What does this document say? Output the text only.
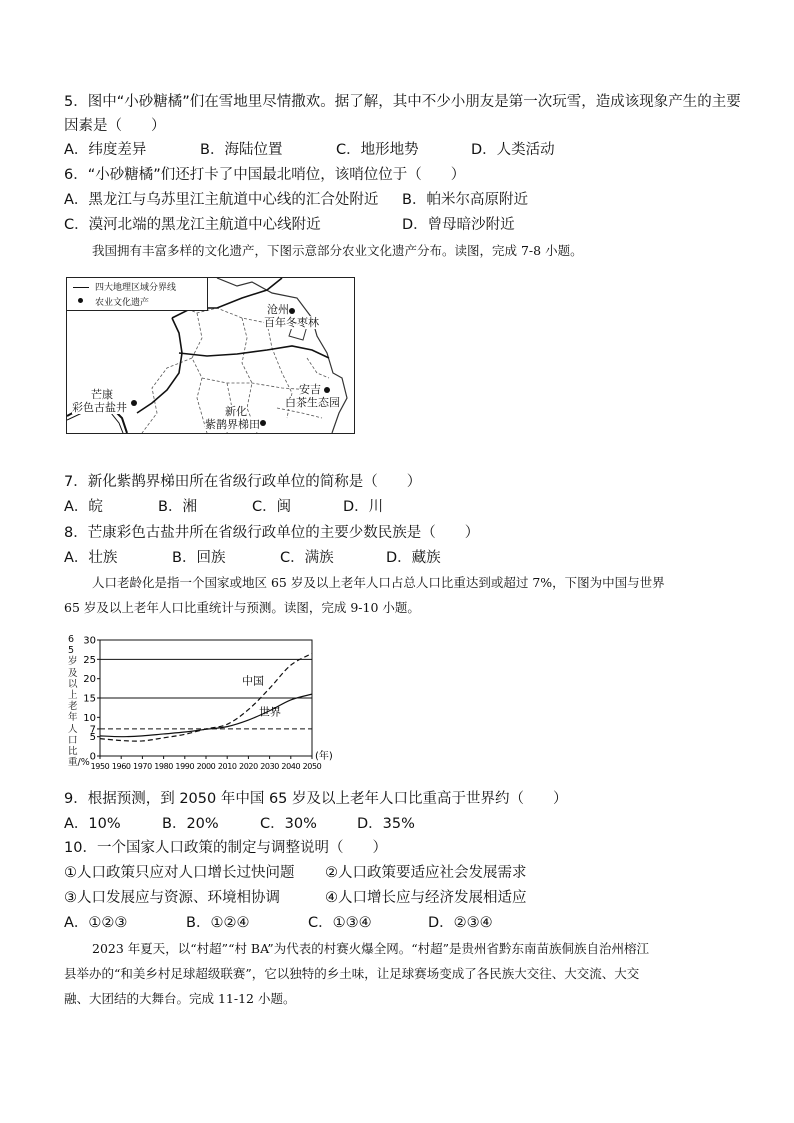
5．图中“小砂糖橘”们在雪地里尽情撒欢。据了解，其中不少小朋友是第一次玩雪，造成该现象产生的主要
因素是（　　）
A．纬度差异	B．海陆位置	C．地形地势	D．人类活动
6．“小砂糖橘”们还打卡了中国最北哨位，该哨位位于（　　）
A．黑龙江与乌苏里江主航道中心线的汇合处附近 B．帕米尔高原附近
C．漠河北端的黑龙江主航道中心线附近	D．曾母暗沙附近
我国拥有丰富多样的文化遗产，下图示意部分农业文化遗产分布。读图，完成 7-8 小题。
四大地理区域分界线
农业文化遗产	沧州
百年冬枣林
安吉
白茶生态园
芒康
彩色古盐井	新化
紫鹊界梯田
7．新化紫鹊界梯田所在省级行政单位的简称是（　　）
A．皖	B．湘	C．闽	D．川
8．芒康彩色古盐井所在省级行政单位的主要少数民族是（　　）
A．壮族	B．回族	C．满族	D．藏族
人口老龄化是指一个国家或地区 65 岁及以上老年人口占总人口比重达到或超过 7%，下图为中国与世界
65 岁及以上老年人口比重统计与预测。读图，完成 9-10 小题。
0
5
7
10
15
20
25
30
1950 1960 1970 1980 1990 2000 2010 2020 2030 2040 2050
(年)
中国
世界
65岁及以上老年人口比重/%
9．根据预测，到 2050 年中国 65 岁及以上老年人口比重高于世界约（　　）
A．10%	B．20%	C．30%	D．35%
10．一个国家人口政策的制定与调整说明（　　）
①人口政策只应对人口增长过快问题 ②人口政策要适应社会发展需求
③人口发展应与资源、环境相协调	④人口增长应与经济发展相适应
A．①②③	B．①②④	C．①③④	D．②③④
2023 年夏天，以“村超”“村 BA”为代表的村赛火爆全网。“村超”是贵州省黔东南苗族侗族自治州榕江
县举办的“和美乡村足球超级联赛”，它以独特的乡土味，让足球赛场变成了各民族大交往、大交流、大交
融、大团结的大舞台。完成 11-12 小题。
